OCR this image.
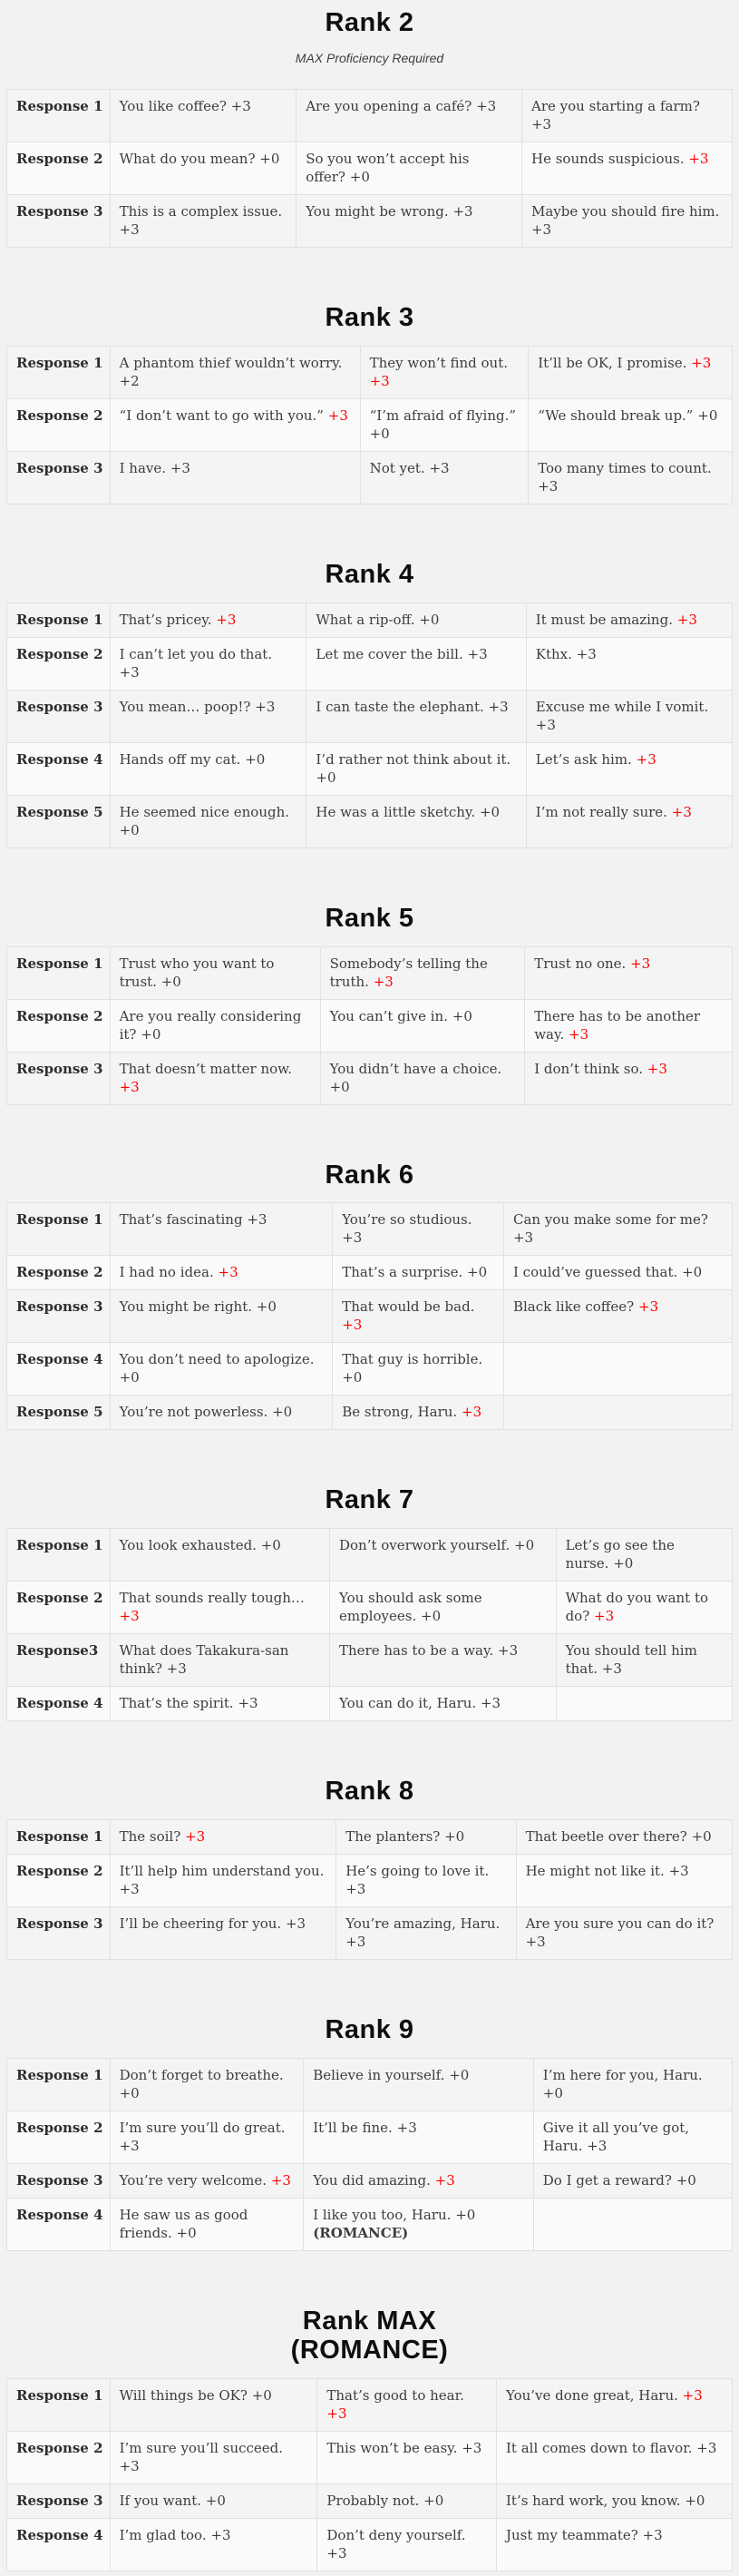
Rank 2

MAX Proficiency Required

Response 1	You like coffee? +3	Are you opening a café? +3	Are you starting a farm? +3
Response 2	What do you mean? +0	So you won’t accept his offer? +0	He sounds suspicious. +3
Response 3	This is a complex issue. +3	You might be wrong. +3	Maybe you should fire him. +3
Rank 3
Response 1	A phantom thief wouldn’t worry. +2	They won’t find out. +3	It’ll be OK, I promise. +3
Response 2	“I don’t want to go with you.” +3	“I’m afraid of flying.” +0	“We should break up.” +0
Response 3	I have. +3	Not yet. +3	Too many times to count. +3
Rank 4
Response 1	That’s pricey. +3	What a rip-off. +0	It must be amazing. +3
Response 2	I can’t let you do that. +3	Let me cover the bill. +3	Kthx. +3
Response 3	You mean… poop!? +3	I can taste the elephant. +3	Excuse me while I vomit. +3
Response 4	Hands off my cat. +0	I’d rather not think about it. +0	Let’s ask him. +3
Response 5	He seemed nice enough. +0	He was a little sketchy. +0	I’m not really sure. +3
Rank 5
Response 1	Trust who you want to trust. +0	Somebody’s telling the truth. +3	Trust no one. +3
Response 2	Are you really considering it? +0	You can’t give in. +0	There has to be another way. +3
Response 3	That doesn’t matter now. +3	You didn’t have a choice. +0	I don’t think so. +3
Rank 6
Response 1	That’s fascinating +3	You’re so studious. +3	Can you make some for me? +3
Response 2	I had no idea. +3	That’s a surprise. +0	I could’ve guessed that. +0
Response 3	You might be right. +0	That would be bad. +3	Black like coffee? +3
Response 4	You don’t need to apologize. +0	That guy is horrible. +0	
Response 5	You’re not powerless. +0	Be strong, Haru. +3	
Rank 7
Response 1	You look exhausted. +0	Don’t overwork yourself. +0	Let’s go see the nurse. +0
Response 2	That sounds really tough… +3	You should ask some employees. +0	What do you want to do? +3
Response3	What does Takakura-san think? +3	There has to be a way. +3	You should tell him that. +3
Response 4	That’s the spirit. +3	You can do it, Haru. +3	
Rank 8
Response 1	The soil? +3	The planters? +0	That beetle over there? +0
Response 2	It’ll help him understand you. +3	He’s going to love it. +3	He might not like it. +3
Response 3	I’ll be cheering for you. +3	You’re amazing, Haru. +3	Are you sure you can do it? +3
Rank 9
Response 1	Don’t forget to breathe. +0	Believe in yourself. +0	I’m here for you, Haru. +0
Response 2	I’m sure you’ll do great. +3	It’ll be fine. +3	Give it all you’ve got, Haru. +3
Response 3	You’re very welcome. +3	You did amazing. +3	Do I get a reward? +0
Response 4	He saw us as good friends. +0	I like you too, Haru. +0
(ROMANCE)	

Rank MAX
(ROMANCE)
Response 1	Will things be OK? +0	That’s good to hear. +3	You’ve done great, Haru. +3
Response 2	I’m sure you’ll succeed. +3	This won’t be easy. +3	It all comes down to flavor. +3
Response 3	If you want. +0	Probably not. +0	It’s hard work, you know. +0
Response 4	I’m glad too. +3	Don’t deny yourself. +3	Just my teammate? +3
